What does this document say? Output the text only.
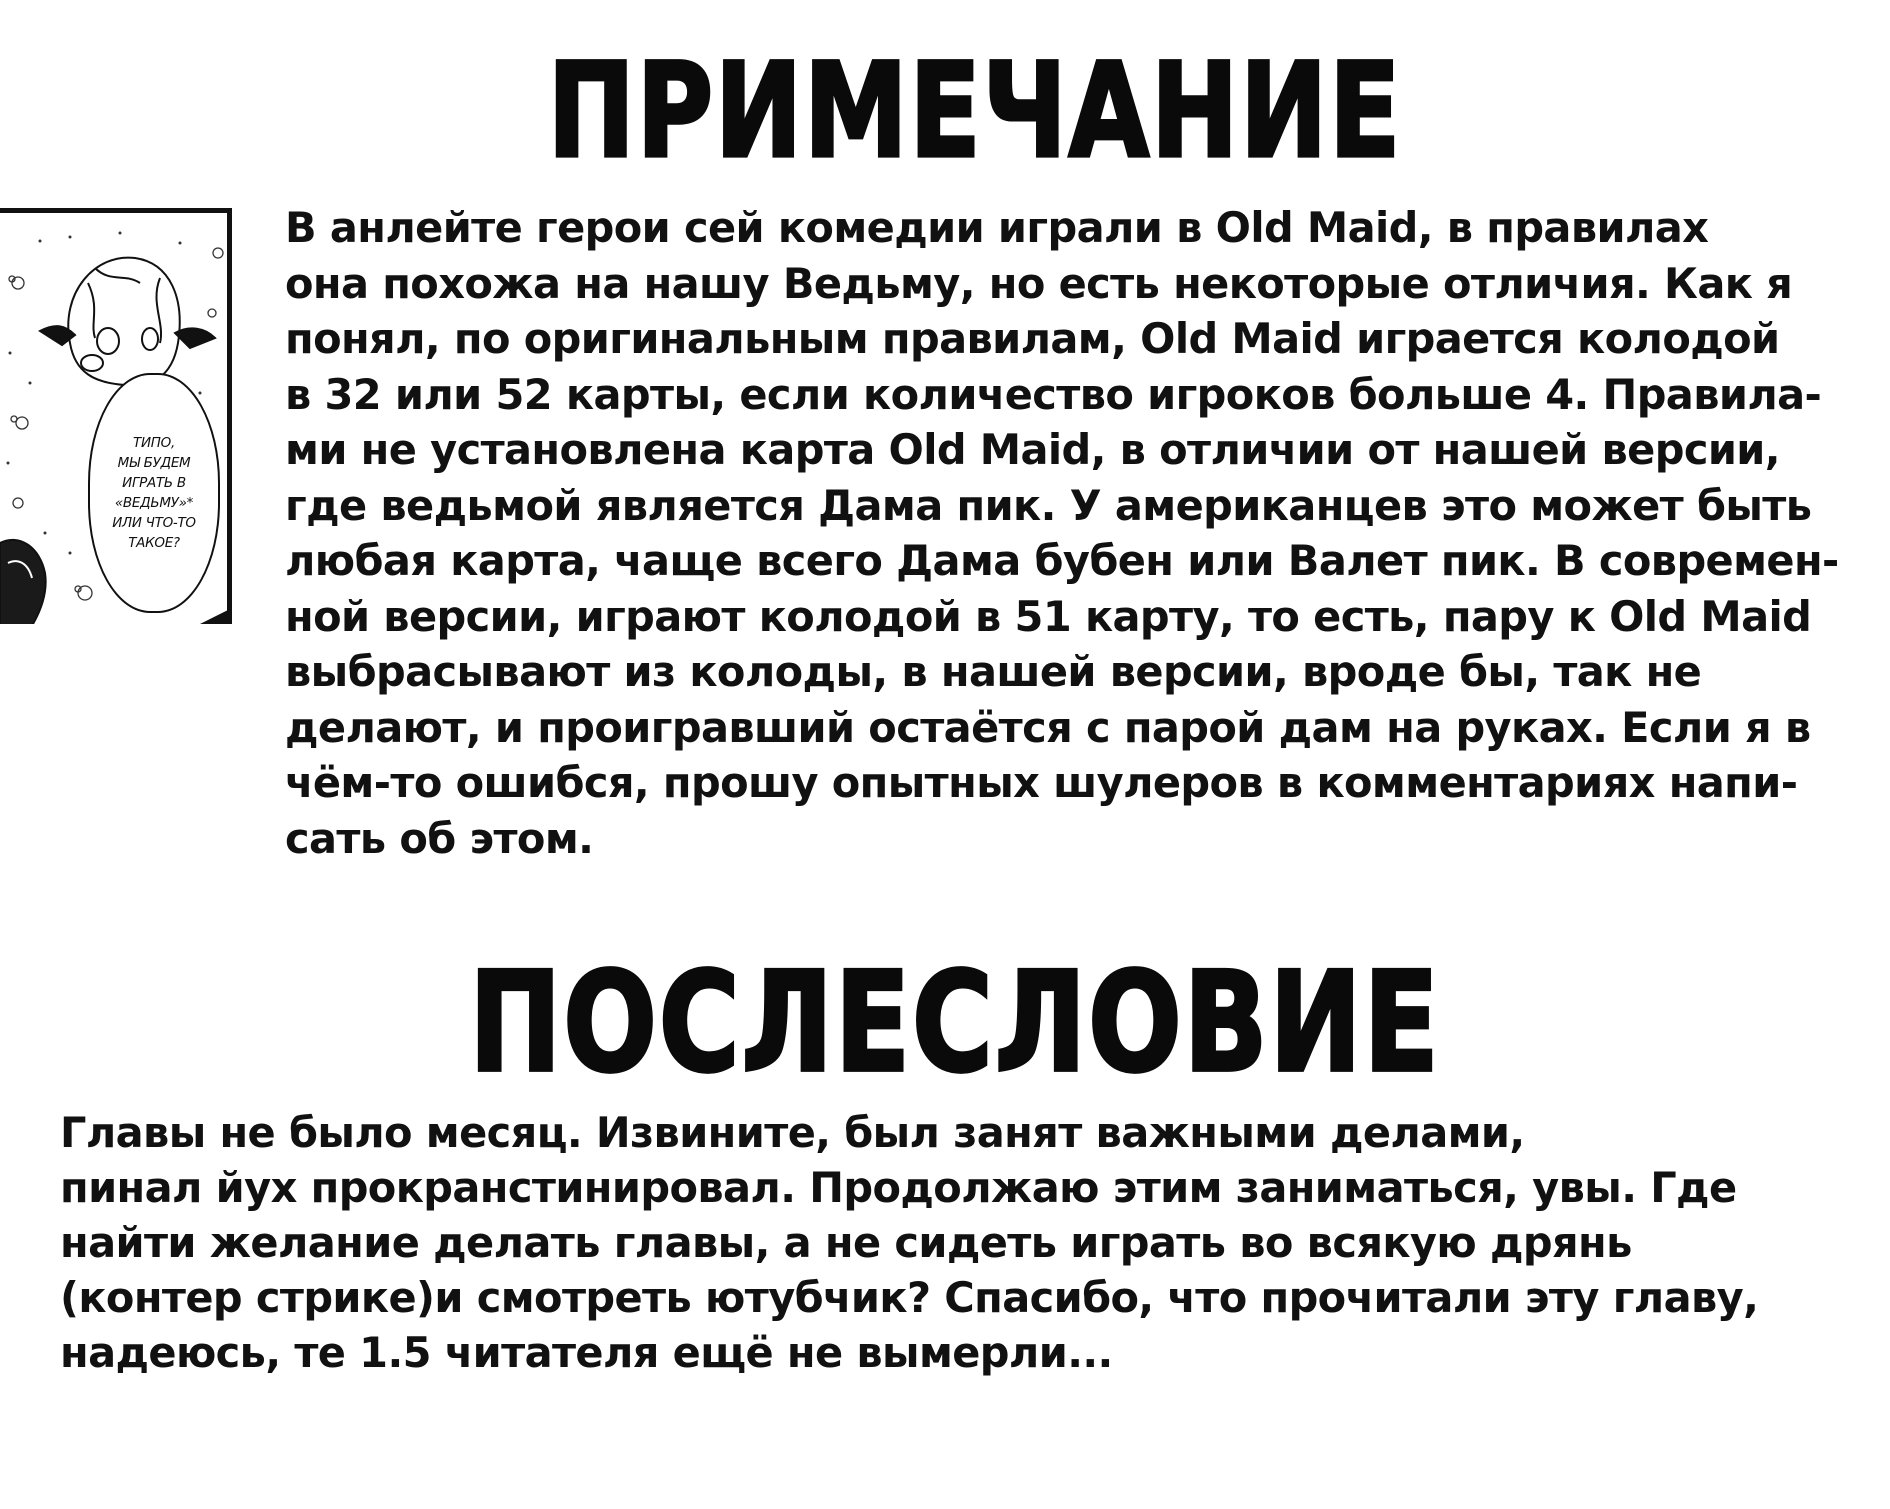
ПРИМЕЧАНИЕ
ТИПО,
МЫ БУДЕМ
ИГРАТЬ В
«ВЕДЬМУ»*
ИЛИ ЧТО-ТО
ТАКОЕ?
В анлейте герои сей комедии играли в Old Maid, в правилах
она похожа на нашу Ведьму, но есть некоторые отличия. Как я
понял, по оригинальным правилам, Old Maid играется колодой
в 32 или 52 карты, если количество игроков больше 4. Правила-
ми не установлена карта Old Maid, в отличии от нашей версии,
где ведьмой является Дама пик. У американцев это может быть
любая карта, чаще всего Дама бубен или Валет пик. В современ-
ной версии, играют колодой в 51 карту, то есть, пару к Old Maid
выбрасывают из колоды, в нашей версии, вроде бы, так не
делают, и проигравший остаётся с парой дам на руках. Если я в
чём-то ошибся, прошу опытных шулеров в комментариях напи-
сать об этом.
ПОСЛЕСЛОВИЕ
Главы не было месяц. Извините, был занят важными делами,
пинал йух прокранстинировал. Продолжаю этим заниматься, увы. Где
найти желание делать главы, а не сидеть играть во всякую дрянь
(контер стрике)и смотреть ютубчик? Спасибо, что прочитали эту главу,
надеюсь, те 1.5 читателя ещё не вымерли...
